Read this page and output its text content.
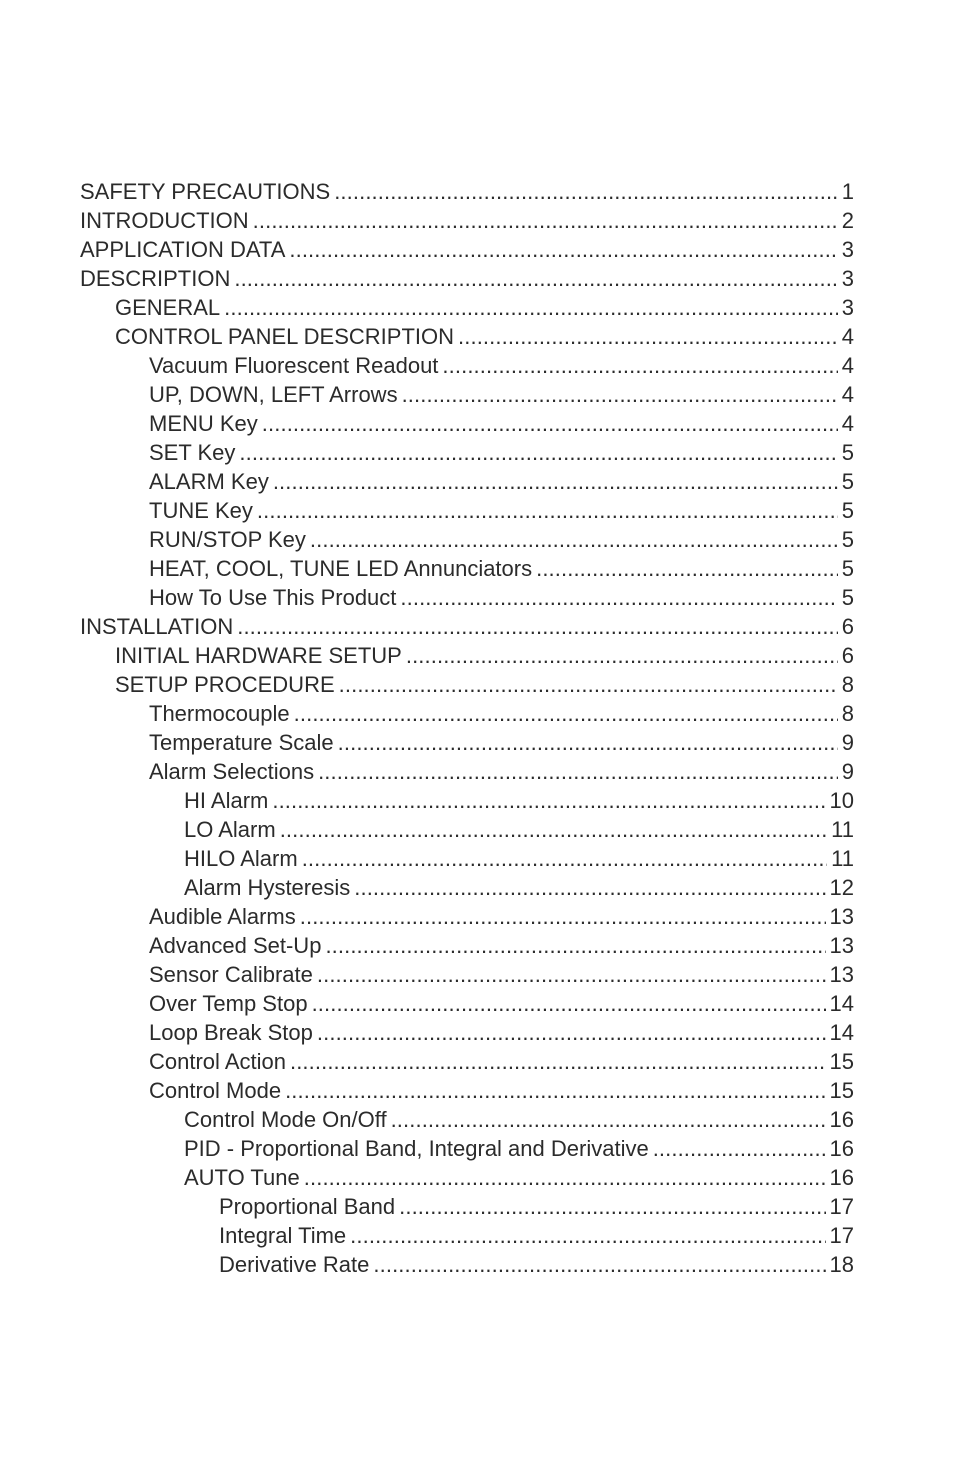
SAFETY PRECAUTIONS . . .	1
INTRODUCTION . . .	2
APPLICATION DATA . . .	3
DESCRIPTION . . .	3
GENERAL . . .	3
CONTROL PANEL DESCRIPTION . . .	4
Vacuum Fluorescent Readout . . .	4
UP, DOWN, LEFT Arrows . . .	4
MENU Key . . .	4
SET Key . . .	5
ALARM Key . . .	5
TUNE Key . . .	5
RUN/STOP Key . . .	5
HEAT, COOL, TUNE LED Annunciators . . .	5
How To Use This Product . . .	5
INSTALLATION . . .	6
INITIAL HARDWARE SETUP . . .	6
SETUP PROCEDURE . . .	8
Thermocouple . . .	8
Temperature Scale . . .	9
Alarm Selections . . .	9
HI Alarm . . .	10
LO Alarm . . .	11
HILO Alarm . . .	11
Alarm Hysteresis . . .	12
Audible Alarms . . .	13
Advanced Set-Up . . .	13
Sensor Calibrate . . .	13
Over Temp Stop . . .	14
Loop Break Stop . . .	14
Control Action . . .	15
Control Mode . . .	15
Control Mode On/Off . . .	16
PID - Proportional Band, Integral and Derivative . . .	16
AUTO Tune . . .	16
Proportional Band . . .	17
Integral Time . . .	17
Derivative Rate . . .	18
